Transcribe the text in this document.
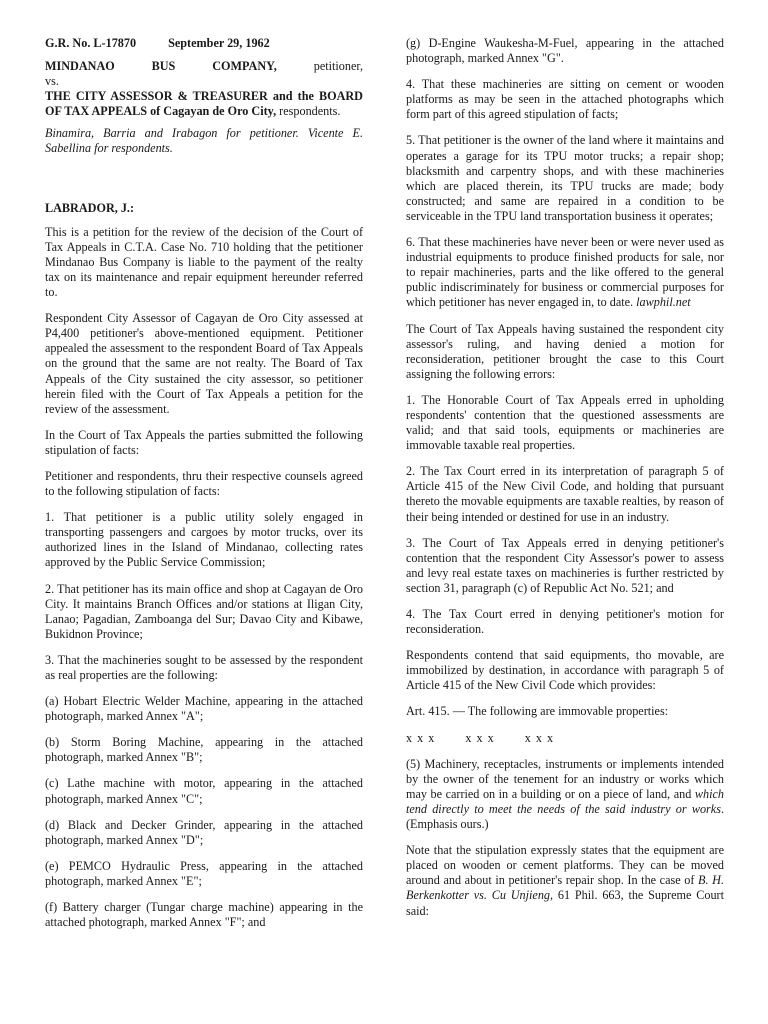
G.R. No. L-17870	September 29, 1962

MINDANAO BUS COMPANY, petitioner,

vs.

THE CITY ASSESSOR & TREASURER and the BOARD OF TAX APPEALS of Cagayan de Oro City, respondents.

Binamira, Barria and Irabagon for petitioner. Vicente E. Sabellina for respondents.

LABRADOR, J.:

This is a petition for the review of the decision of the Court of Tax Appeals in C.T.A. Case No. 710 holding that the petitioner Mindanao Bus Company is liable to the payment of the realty tax on its maintenance and repair equipment hereunder referred to.

Respondent City Assessor of Cagayan de Oro City assessed at P4,400 petitioner's above-mentioned equipment. Petitioner appealed the assessment to the respondent Board of Tax Appeals on the ground that the same are not realty. The Board of Tax Appeals of the City sustained the city assessor, so petitioner herein filed with the Court of Tax Appeals a petition for the review of the assessment.

In the Court of Tax Appeals the parties submitted the following stipulation of facts:

Petitioner and respondents, thru their respective counsels agreed to the following stipulation of facts:

1. That petitioner is a public utility solely engaged in transporting passengers and cargoes by motor trucks, over its authorized lines in the Island of Mindanao, collecting rates approved by the Public Service Commission;

2. That petitioner has its main office and shop at Cagayan de Oro City. It maintains Branch Offices and/or stations at Iligan City, Lanao; Pagadian, Zamboanga del Sur; Davao City and Kibawe, Bukidnon Province;

3. That the machineries sought to be assessed by the respondent as real properties are the following:

(a) Hobart Electric Welder Machine, appearing in the attached photograph, marked Annex "A";

(b) Storm Boring Machine, appearing in the attached photograph, marked Annex "B";

(c) Lathe machine with motor, appearing in the attached photograph, marked Annex "C";

(d) Black and Decker Grinder, appearing in the attached photograph, marked Annex "D";

(e) PEMCO Hydraulic Press, appearing in the attached photograph, marked Annex "E";

(f) Battery charger (Tungar charge machine) appearing in the attached photograph, marked Annex "F"; and

(g) D-Engine Waukesha-M-Fuel, appearing in the attached photograph, marked Annex "G".

4. That these machineries are sitting on cement or wooden platforms as may be seen in the attached photographs which form part of this agreed stipulation of facts;

5. That petitioner is the owner of the land where it maintains and operates a garage for its TPU motor trucks; a repair shop; blacksmith and carpentry shops, and with these machineries which are placed therein, its TPU trucks are made; body constructed; and same are repaired in a condition to be serviceable in the TPU land transportation business it operates;

6. That these machineries have never been or were never used as industrial equipments to produce finished products for sale, nor to repair machineries, parts and the like offered to the general public indiscriminately for business or commercial purposes for which petitioner has never engaged in, to date. lawphil.net

The Court of Tax Appeals having sustained the respondent city assessor's ruling, and having denied a motion for reconsideration, petitioner brought the case to this Court assigning the following errors:

1. The Honorable Court of Tax Appeals erred in upholding respondents' contention that the questioned assessments are valid; and that said tools, equipments or machineries are immovable taxable real properties.

2. The Tax Court erred in its interpretation of paragraph 5 of Article 415 of the New Civil Code, and holding that pursuant thereto the movable equipments are taxable realties, by reason of their being intended or destined for use in an industry.

3. The Court of Tax Appeals erred in denying petitioner's contention that the respondent City Assessor's power to assess and levy real estate taxes on machineries is further restricted by section 31, paragraph (c) of Republic Act No. 521; and

4. The Tax Court erred in denying petitioner's motion for reconsideration.

Respondents contend that said equipments, tho movable, are immobilized by destination, in accordance with paragraph 5 of Article 415 of the New Civil Code which provides:

Art. 415. — The following are immovable properties:

x x x x x x x x x

(5) Machinery, receptacles, instruments or implements intended by the owner of the tenement for an industry or works which may be carried on in a building or on a piece of land, and which tend directly to meet the needs of the said industry or works. (Emphasis ours.)

Note that the stipulation expressly states that the equipment are placed on wooden or cement platforms. They can be moved around and about in petitioner's repair shop. In the case of B. H. Berkenkotter vs. Cu Unjieng, 61 Phil. 663, the Supreme Court said:
